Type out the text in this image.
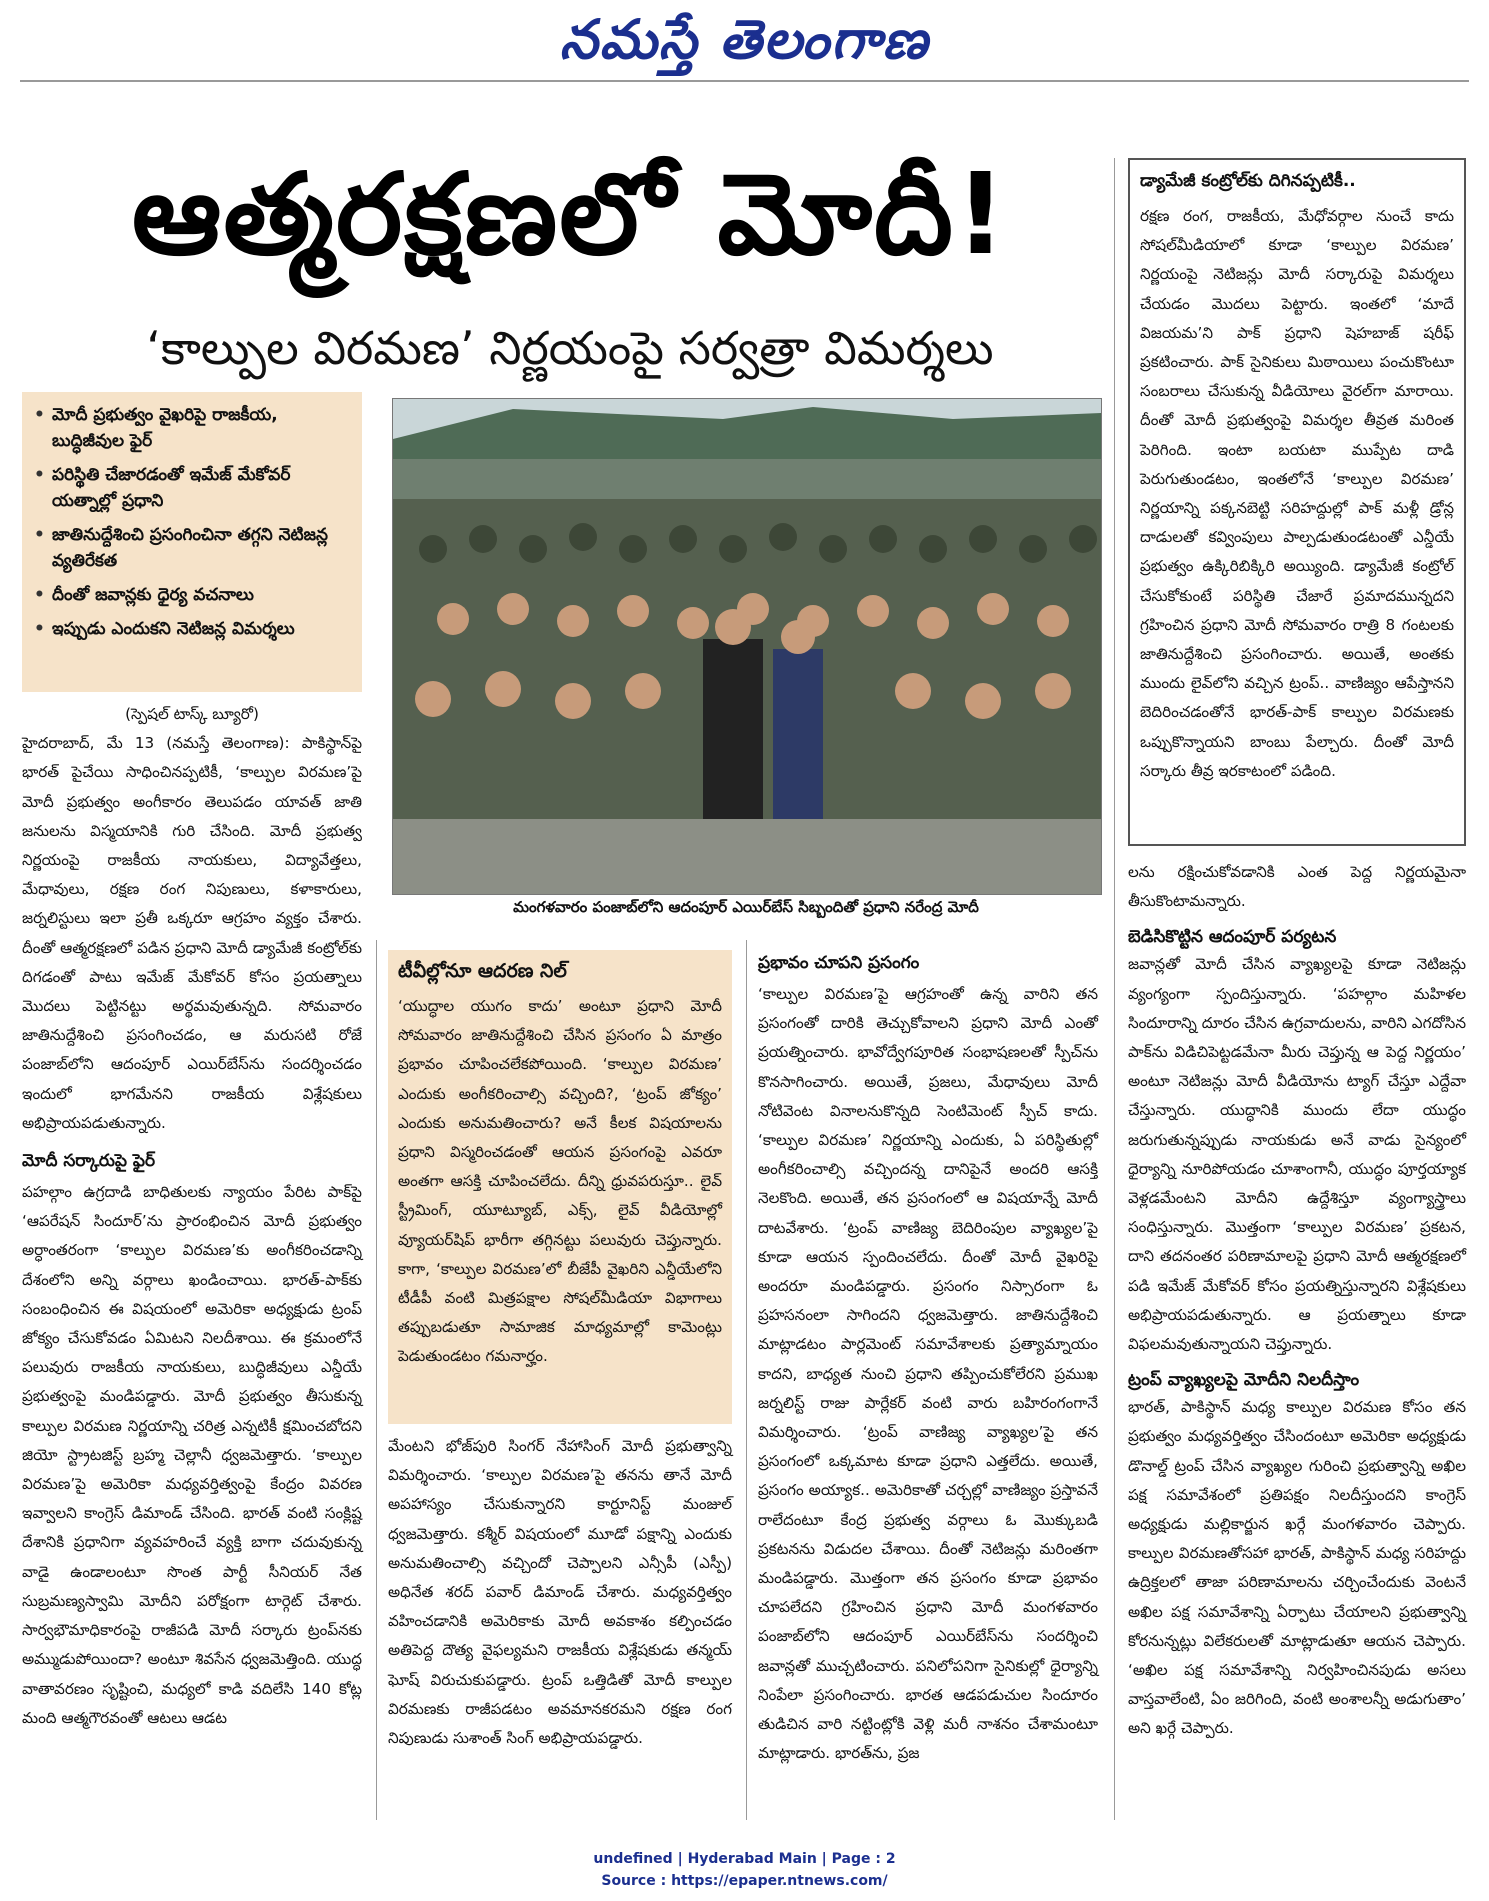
నమస్తే తెలంగాణ
ఆత్మరక్షణలో మోదీ!
‘కాల్పుల విరమణ’ నిర్ణయంపై సర్వత్రా విమర్శలు
• మోదీ ప్రభుత్వం వైఖరిపై రాజకీయ, బుద్ధిజీవుల ఫైర్
• పరిస్థితి చేజారడంతో ఇమేజ్ మేకోవర్ యత్నాల్లో ప్రధాని
• జాతినుద్దేశించి ప్రసంగించినా తగ్గని నెటిజన్ల వ్యతిరేకత
• దీంతో జవాన్లకు ధైర్య వచనాలు
• ఇప్పుడు ఎందుకని నెటిజన్ల విమర్శలు
మంగళవారం పంజాబ్‌లోని ఆదంపూర్ ఎయిర్‌బేస్ సిబ్బందితో ప్రధాని నరేంద్ర మోదీ
(స్పెషల్ టాస్క్ బ్యూరో)
హైదరాబాద్, మే 13 (నమస్తే తెలంగాణ): పాకిస్థాన్‌పై భారత్ పైచేయి సాధించినప్పటికీ, ‘కాల్పుల విరమణ’పై మోదీ ప్రభుత్వం అంగీకారం తెలుపడం యావత్ జాతి జనులను విస్మయానికి గురి చేసింది. మోదీ ప్రభుత్వ నిర్ణయంపై రాజకీయ నాయకులు, విద్యావేత్తలు, మేధావులు, రక్షణ రంగ నిపుణులు, కళాకారులు, జర్నలిస్టులు ఇలా ప్రతీ ఒక్కరూ ఆగ్రహం వ్యక్తం చేశారు. దీంతో ఆత్మరక్షణలో పడిన ప్రధాని మోదీ డ్యామేజీ కంట్రోల్‌కు దిగడంతో పాటు ఇమేజ్ మేకోవర్ కోసం ప్రయత్నాలు మొదలు పెట్టినట్టు అర్థమవుతున్నది. సోమవారం జాతినుద్దేశించి ప్రసంగించడం, ఆ మరుసటి రోజే పంజాబ్‌లోని ఆదంపూర్ ఎయిర్‌బేస్‌ను సందర్శించడం ఇందులో భాగమేనని రాజకీయ విశ్లేషకులు అభిప్రాయపడుతున్నారు.
మోదీ సర్కారుపై ఫైర్
పహల్గాం ఉగ్రదాడి బాధితులకు న్యాయం పేరిట పాక్‌పై ‘ఆపరేషన్ సిందూర్’ను ప్రారంభించిన మోదీ ప్రభుత్వం అర్ధాంతరంగా ‘కాల్పుల విరమణ’కు అంగీకరించడాన్ని దేశంలోని అన్ని వర్గాలు ఖండించాయి. భారత్-పాక్‌కు సంబంధించిన ఈ విషయంలో అమెరికా అధ్యక్షుడు ట్రంప్ జోక్యం చేసుకోవడం ఏమిటని నిలదీశాయి. ఈ క్రమంలోనే పలువురు రాజకీయ నాయకులు, బుద్ధిజీవులు ఎన్డీయే ప్రభుత్వంపై మండిపడ్డారు. మోదీ ప్రభుత్వం తీసుకున్న కాల్పుల విరమణ నిర్ణయాన్ని చరిత్ర ఎన్నటికీ క్షమించబోదని జియో స్ట్రాటజిస్ట్ బ్రహ్మ చెల్లానీ ధ్వజమెత్తారు. ‘కాల్పుల విరమణ’పై అమెరికా మధ్యవర్తిత్వంపై కేంద్రం వివరణ ఇవ్వాలని కాంగ్రెస్ డిమాండ్ చేసింది. భారత్ వంటి సంక్లిష్ట దేశానికి ప్రధానిగా వ్యవహరించే వ్యక్తి బాగా చదువుకున్న వాడై ఉండాలంటూ సొంత పార్టీ సీనియర్ నేత సుబ్రమణ్యస్వామి మోదీని పరోక్షంగా టార్గెట్ చేశారు. సార్వభౌమాధికారంపై రాజీపడి మోదీ సర్కారు ట్రంప్‌నకు అమ్ముడుపోయిందా? అంటూ శివసేన ధ్వజమెత్తింది. యుద్ధ వాతావరణం సృష్టించి, మధ్యలో కాడి వదిలేసి 140 కోట్ల మంది ఆత్మగౌరవంతో ఆటలు ఆడట
టీవీల్లోనూ ఆదరణ నిల్
‘యుద్ధాల యుగం కాదు’ అంటూ ప్రధాని మోదీ సోమవారం జాతినుద్దేశించి చేసిన ప్రసంగం ఏ మాత్రం ప్రభావం చూపించలేకపోయింది. ‘కాల్పుల విరమణ’ ఎందుకు అంగీకరించాల్సి వచ్చింది?, ‘ట్రంప్ జోక్యం’ ఎందుకు అనుమతించారు? అనే కీలక విషయాలను ప్రధాని విస్మరించడంతో ఆయన ప్రసంగంపై ఎవరూ అంతగా ఆసక్తి చూపించలేదు. దీన్ని ధ్రువపరుస్తూ.. లైవ్ స్ట్రీమింగ్, యూట్యూబ్, ఎక్స్, లైవ్ వీడియోల్లో వ్యూయర్‌షిప్ భారీగా తగ్గినట్టు పలువురు చెప్తున్నారు. కాగా, ‘కాల్పుల విరమణ’లో బీజేపీ వైఖరిని ఎన్డీయేలోని టీడీపీ వంటి మిత్రపక్షాల సోషల్‌మీడియా విభాగాలు తప్పుబడుతూ సామాజిక మాధ్యమాల్లో కామెంట్లు పెడుతుండటం గమనార్హం.
మేంటని భోజ్‌పురి సింగర్ నేహాసింగ్ మోదీ ప్రభుత్వాన్ని విమర్శించారు. ‘కాల్పుల విరమణ’పై తనను తానే మోదీ అపహాస్యం చేసుకున్నారని కార్టూనిస్ట్ మంజుల్ ధ్వజమెత్తారు. కశ్మీర్ విషయంలో మూడో పక్షాన్ని ఎందుకు అనుమతించాల్సి వచ్చిందో చెప్పాలని ఎన్సీపీ (ఎస్పీ) అధినేత శరద్ పవార్ డిమాండ్ చేశారు. మధ్యవర్తిత్వం వహించడానికి అమెరికాకు మోదీ అవకాశం కల్పించడం అతిపెద్ద దౌత్య వైఫల్యమని రాజకీయ విశ్లేషకుడు తన్మయ్ ఘోష్ విరుచుకుపడ్డారు. ట్రంప్ ఒత్తిడితో మోదీ కాల్పుల విరమణకు రాజీపడటం అవమానకరమని రక్షణ రంగ నిపుణుడు సుశాంత్ సింగ్ అభిప్రాయపడ్డారు.
ప్రభావం చూపని ప్రసంగం
‘కాల్పుల విరమణ’పై ఆగ్రహంతో ఉన్న వారిని తన ప్రసంగంతో దారికి తెచ్చుకోవాలని ప్రధాని మోదీ ఎంతో ప్రయత్నించారు. భావోద్వేగపూరిత సంభాషణలతో స్పీచ్‌ను కొనసాగించారు. అయితే, ప్రజలు, మేధావులు మోదీ నోటివెంట వినాలనుకొన్నది సెంటిమెంట్ స్పీచ్ కాదు. ‘కాల్పుల విరమణ’ నిర్ణయాన్ని ఎందుకు, ఏ పరిస్థితుల్లో అంగీకరించాల్సి వచ్చిందన్న దానిపైనే అందరి ఆసక్తి నెలకొంది. అయితే, తన ప్రసంగంలో ఆ విషయాన్నే మోదీ దాటవేశారు. ‘ట్రంప్ వాణిజ్య బెదిరింపుల వ్యాఖ్యల’పై కూడా ఆయన స్పందించలేదు. దీంతో మోదీ వైఖరిపై అందరూ మండిపడ్డారు. ప్రసంగం నిస్సారంగా ఓ ప్రహసనంలా సాగిందని ధ్వజమెత్తారు. జాతినుద్దేశించి మాట్లాడటం పార్లమెంట్ సమావేశాలకు ప్రత్యామ్నాయం కాదని, బాధ్యత నుంచి ప్రధాని తప్పించుకోలేరని ప్రముఖ జర్నలిస్ట్ రాజు పార్లేకర్ వంటి వారు బహిరంగంగానే విమర్శించారు. ‘ట్రంప్ వాణిజ్య వ్యాఖ్యల’పై తన ప్రసంగంలో ఒక్కమాట కూడా ప్రధాని ఎత్తలేదు. అయితే, ప్రసంగం అయ్యాక.. అమెరికాతో చర్చల్లో వాణిజ్యం ప్రస్తావనే రాలేదంటూ కేంద్ర ప్రభుత్వ వర్గాలు ఓ మొక్కుబడి ప్రకటనను విడుదల చేశాయి. దీంతో నెటిజన్లు మరింతగా మండిపడ్డారు. మొత్తంగా తన ప్రసంగం కూడా ప్రభావం చూపలేదని గ్రహించిన ప్రధాని మోదీ మంగళవారం పంజాబ్‌లోని ఆదంపూర్ ఎయిర్‌బేస్‌ను సందర్శించి జవాన్లతో ముచ్చటించారు. పనిలోపనిగా సైనికుల్లో ధైర్యాన్ని నింపేలా ప్రసంగించారు. భారత ఆడపడుచుల సిందూరం తుడిచిన వారి నట్టింట్లోకి వెళ్లి మరీ నాశనం చేశామంటూ మాట్లాడారు. భారత్‌ను, ప్రజ
డ్యామేజీ కంట్రోల్‌కు దిగినప్పటికీ..
రక్షణ రంగ, రాజకీయ, మేధోవర్గాల నుంచే కాదు సోషల్‌మీడియాలో కూడా ‘కాల్పుల విరమణ’ నిర్ణయంపై నెటిజన్లు మోదీ సర్కారుపై విమర్శలు చేయడం మొదలు పెట్టారు. ఇంతలో ‘మాదే విజయమ’ని పాక్ ప్రధాని షెహబాజ్ షరీఫ్ ప్రకటించారు. పాక్ సైనికులు మిఠాయిలు పంచుకొంటూ సంబరాలు చేసుకున్న వీడియోలు వైరల్‌గా మారాయి. దీంతో మోదీ ప్రభుత్వంపై విమర్శల తీవ్రత మరింత పెరిగింది. ఇంటా బయటా ముప్పేట దాడి పెరుగుతుండటం, ఇంతలోనే ‘కాల్పుల విరమణ’ నిర్ణయాన్ని పక్కనబెట్టి సరిహద్దుల్లో పాక్ మళ్లీ డ్రోన్ల దాడులతో కవ్వింపులు పాల్పడుతుండటంతో ఎన్డీయే ప్రభుత్వం ఉక్కిరిబిక్కిరి అయ్యింది. డ్యామేజీ కంట్రోల్ చేసుకోకుంటే పరిస్థితి చేజారే ప్రమాదమున్నదని గ్రహించిన ప్రధాని మోదీ సోమవారం రాత్రి 8 గంటలకు జాతినుద్దేశించి ప్రసంగించారు. అయితే, అంతకు ముందు లైవ్‌లోని వచ్చిన ట్రంప్.. వాణిజ్యం ఆపేస్తానని బెదిరించడంతోనే భారత్-పాక్ కాల్పుల విరమణకు ఒప్పుకొన్నాయని బాంబు పేల్చారు. దీంతో మోదీ సర్కారు తీవ్ర ఇరకాటంలో పడింది.
లను రక్షించుకోవడానికి ఎంత పెద్ద నిర్ణయమైనా తీసుకొంటామన్నారు.
బెడిసికొట్టిన ఆదంపూర్ పర్యటన
జవాన్లతో మోదీ చేసిన వ్యాఖ్యలపై కూడా నెటిజన్లు వ్యంగ్యంగా స్పందిస్తున్నారు. ‘పహల్గాం మహిళల సిందూరాన్ని దూరం చేసిన ఉగ్రవాదులను, వారిని ఎగదోసిన పాక్‌ను విడిచిపెట్టడమేనా మీరు చెప్తున్న ఆ పెద్ద నిర్ణయం’ అంటూ నెటిజన్లు మోదీ వీడియోను ట్యాగ్ చేస్తూ ఎద్దేవా చేస్తున్నారు. యుద్ధానికి ముందు లేదా యుద్ధం జరుగుతున్నప్పుడు నాయకుడు అనే వాడు సైన్యంలో ధైర్యాన్ని నూరిపోయడం చూశాంగానీ, యుద్ధం పూర్తయ్యాక వెళ్లడమేంటని మోదీని ఉద్దేశిస్తూ వ్యంగ్యాస్త్రాలు సంధిస్తున్నారు. మొత్తంగా ‘కాల్పుల విరమణ’ ప్రకటన, దాని తదనంతర పరిణామాలపై ప్రధాని మోదీ ఆత్మరక్షణలో పడి ఇమేజ్ మేకోవర్ కోసం ప్రయత్నిస్తున్నారని విశ్లేషకులు అభిప్రాయపడుతున్నారు. ఆ ప్రయత్నాలు కూడా విఫలమవుతున్నాయని చెప్తున్నారు.
ట్రంప్ వ్యాఖ్యలపై మోదీని నిలదీస్తాం
భారత్, పాకిస్థాన్ మధ్య కాల్పుల విరమణ కోసం తన ప్రభుత్వం మధ్యవర్తిత్వం చేసిందంటూ అమెరికా అధ్యక్షుడు డొనాల్డ్ ట్రంప్ చేసిన వ్యాఖ్యల గురించి ప్రభుత్వాన్ని అఖిల పక్ష సమావేశంలో ప్రతిపక్షం నిలదీస్తుందని కాంగ్రెస్ అధ్యక్షుడు మల్లికార్జున ఖర్గే మంగళవారం చెప్పారు. కాల్పుల విరమణతోసహా భారత్, పాకిస్థాన్ మధ్య సరిహద్దు ఉద్రిక్తలలో తాజా పరిణామాలను చర్చించేందుకు వెంటనే అఖిల పక్ష సమావేశాన్ని ఏర్పాటు చేయాలని ప్రభుత్వాన్ని కోరనున్నట్లు విలేకరులతో మాట్లాడుతూ ఆయన చెప్పారు. ‘అఖిల పక్ష సమావేశాన్ని నిర్వహించినపుడు అసలు వాస్తవాలేంటి, ఏం జరిగింది, వంటి అంశాలన్నీ అడుగుతాం’ అని ఖర్గే చెప్పారు.
undefined | Hyderabad Main | Page : 2
Source : https://epaper.ntnews.com/
